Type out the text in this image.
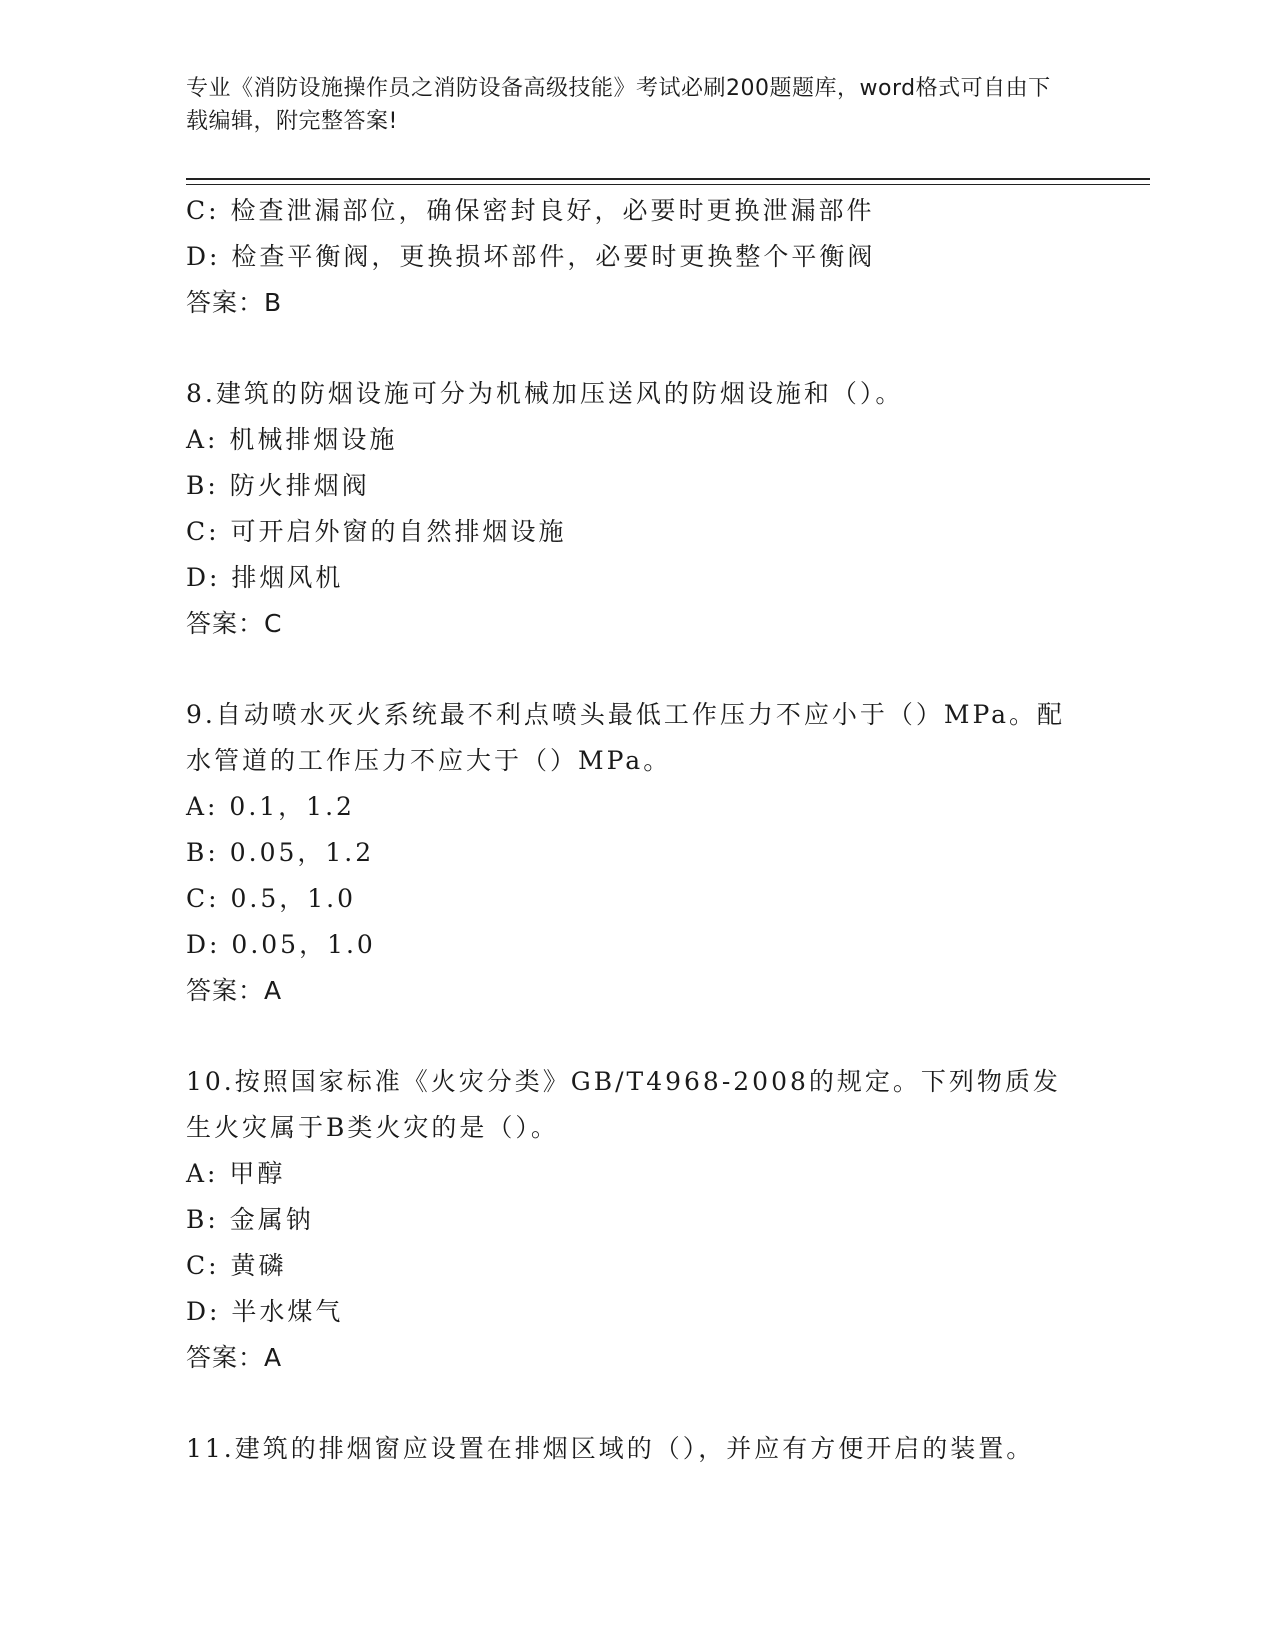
专业《消防设施操作员之消防设备高级技能》考试必刷200题题库，word格式可自由下载编辑，附完整答案!
C: 检查泄漏部位，确保密封良好，必要时更换泄漏部件
D: 检查平衡阀，更换损坏部件，必要时更换整个平衡阀
答案：B
8.建筑的防烟设施可分为机械加压送风的防烟设施和（）。
A: 机械排烟设施
B: 防火排烟阀
C: 可开启外窗的自然排烟设施
D: 排烟风机
答案：C
9.自动喷水灭火系统最不利点喷头最低工作压力不应小于（）MPa。配水管道的工作压力不应大于（）MPa。
A: 0.1，1.2
B: 0.05，1.2
C: 0.5，1.0
D: 0.05，1.0
答案：A
10.按照国家标准《火灾分类》GB/T4968-2008的规定。下列物质发生火灾属于B类火灾的是（）。
A: 甲醇
B: 金属钠
C: 黄磷
D: 半水煤气
答案：A
11.建筑的排烟窗应设置在排烟区域的（），并应有方便开启的装置。
